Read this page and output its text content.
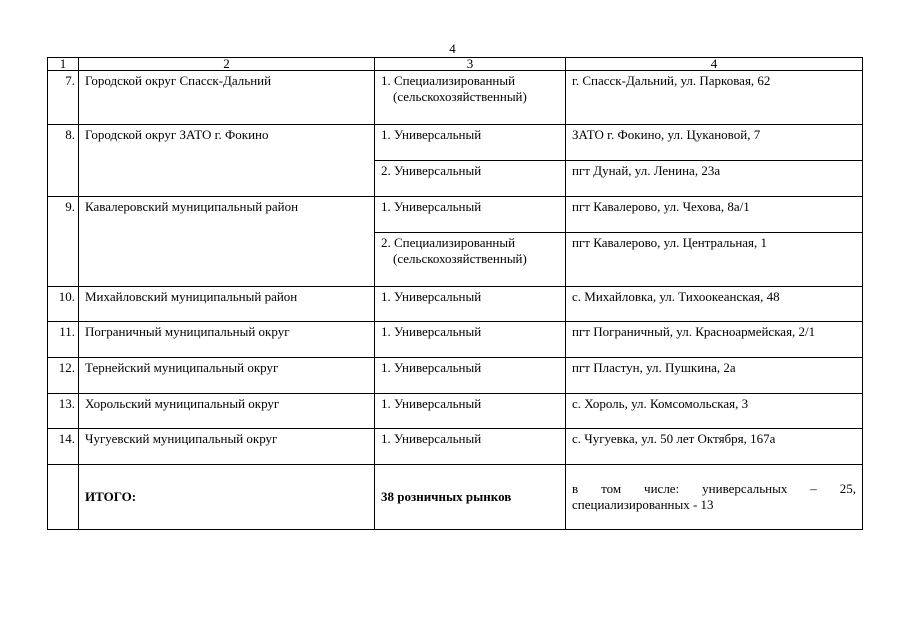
4
1	2	3	4
7.	Городской округ Спасск-Дальний	1. Специализированный (сельскохозяйственный)	г. Спасск-Дальний, ул. Парковая, 62
8.	Городской округ ЗАТО г. Фокино	1. Универсальный	ЗАТО г. Фокино, ул. Цукановой, 7

		2. Универсальный	пгт Дунай, ул. Ленина, 23а
9.	Кавалеровский муниципальный район	1. Универсальный	пгт Кавалерово, ул. Чехова, 8а/1

		2. Специализированный (сельскохозяйственный)	пгт Кавалерово, ул. Центральная, 1
10.	Михайловский муниципальный район	1. Универсальный	с. Михайловка, ул. Тихоокеанская, 48
11.	Пограничный муниципальный округ	1. Универсальный	пгт Пограничный, ул. Красноармейская, 2/1
12.	Тернейский муниципальный округ	1. Универсальный	пгт Пластун, ул. Пушкина, 2а
13.	Хорольский муниципальный округ	1. Универсальный	с. Хороль, ул. Комсомольская, 3
14.	Чугуевский муниципальный округ	1. Универсальный	с. Чугуевка, ул. 50 лет Октября, 167а
	ИТОГО:	38 розничных рынков	в том числе: универсальных – 25, специализированных - 13
